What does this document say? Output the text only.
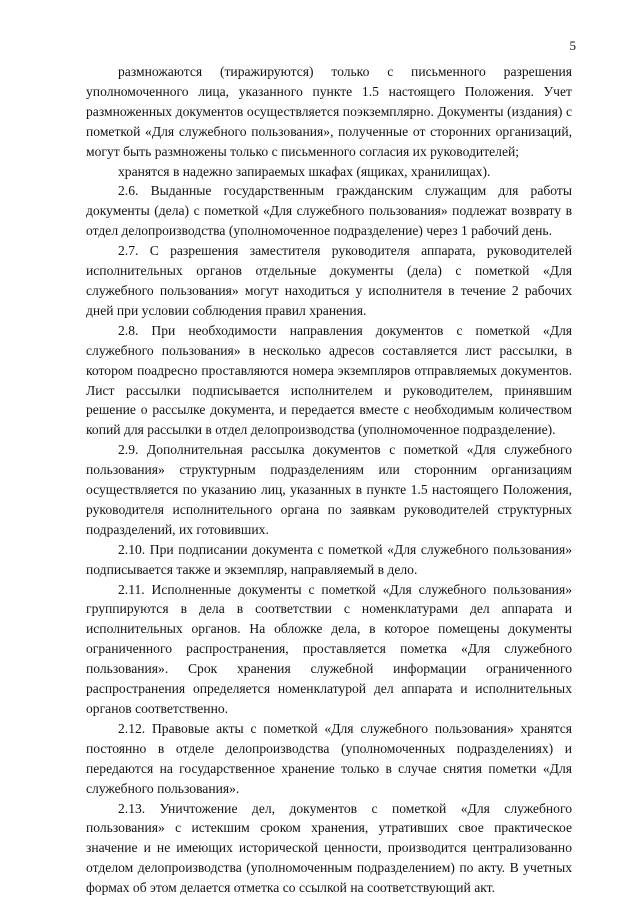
5

размножаются (тиражируются) только с письменного разрешения уполномоченного лица, указанного пункте 1.5 настоящего Положения. Учет размноженных документов осуществляется поэкземплярно. Документы (издания) с пометкой «Для служебного пользования», полученные от сторонних организаций, могут быть размножены только с письменного согласия их руководителей;

хранятся в надежно запираемых шкафах (ящиках, хранилищах).

2.6. Выданные государственным гражданским служащим для работы документы (дела) с пометкой «Для служебного пользования» подлежат возврату в отдел делопроизводства (уполномоченное подразделение) через 1 рабочий день.

2.7. С разрешения заместителя руководителя аппарата, руководителей исполнительных органов отдельные документы (дела) с пометкой «Для служебного пользования» могут находиться у исполнителя в течение 2 рабочих дней при условии соблюдения правил хранения.

2.8. При необходимости направления документов с пометкой «Для служебного пользования» в несколько адресов составляется лист рассылки, в котором поадресно проставляются номера экземпляров отправляемых документов. Лист рассылки подписывается исполнителем и руководителем, принявшим решение о рассылке документа, и передается вместе с необходимым количеством копий для рассылки в отдел делопроизводства (уполномоченное подразделение).

2.9. Дополнительная рассылка документов с пометкой «Для служебного пользования» структурным подразделениям или сторонним организациям осуществляется по указанию лиц, указанных в пункте 1.5 настоящего Положения, руководителя исполнительного органа по заявкам руководителей структурных подразделений, их готовивших.

2.10. При подписании документа с пометкой «Для служебного пользования» подписывается также и экземпляр, направляемый в дело.

2.11. Исполненные документы с пометкой «Для служебного пользования» группируются в дела в соответствии с номенклатурами дел аппарата и исполнительных органов. На обложке дела, в которое помещены документы ограниченного распространения, проставляется пометка «Для служебного пользования». Срок хранения служебной информации ограниченного распространения определяется номенклатурой дел аппарата и исполнительных органов соответственно.

2.12. Правовые акты с пометкой «Для служебного пользования» хранятся постоянно в отделе делопроизводства (уполномоченных подразделениях) и передаются на государственное хранение только в случае снятия пометки «Для служебного пользования».

2.13. Уничтожение дел, документов с пометкой «Для служебного пользования» с истекшим сроком хранения, утративших свое практическое значение и не имеющих исторической ценности, производится централизованно отделом делопроизводства (уполномоченным подразделением) по акту. В учетных формах об этом делается отметка со ссылкой на соответствующий акт.
